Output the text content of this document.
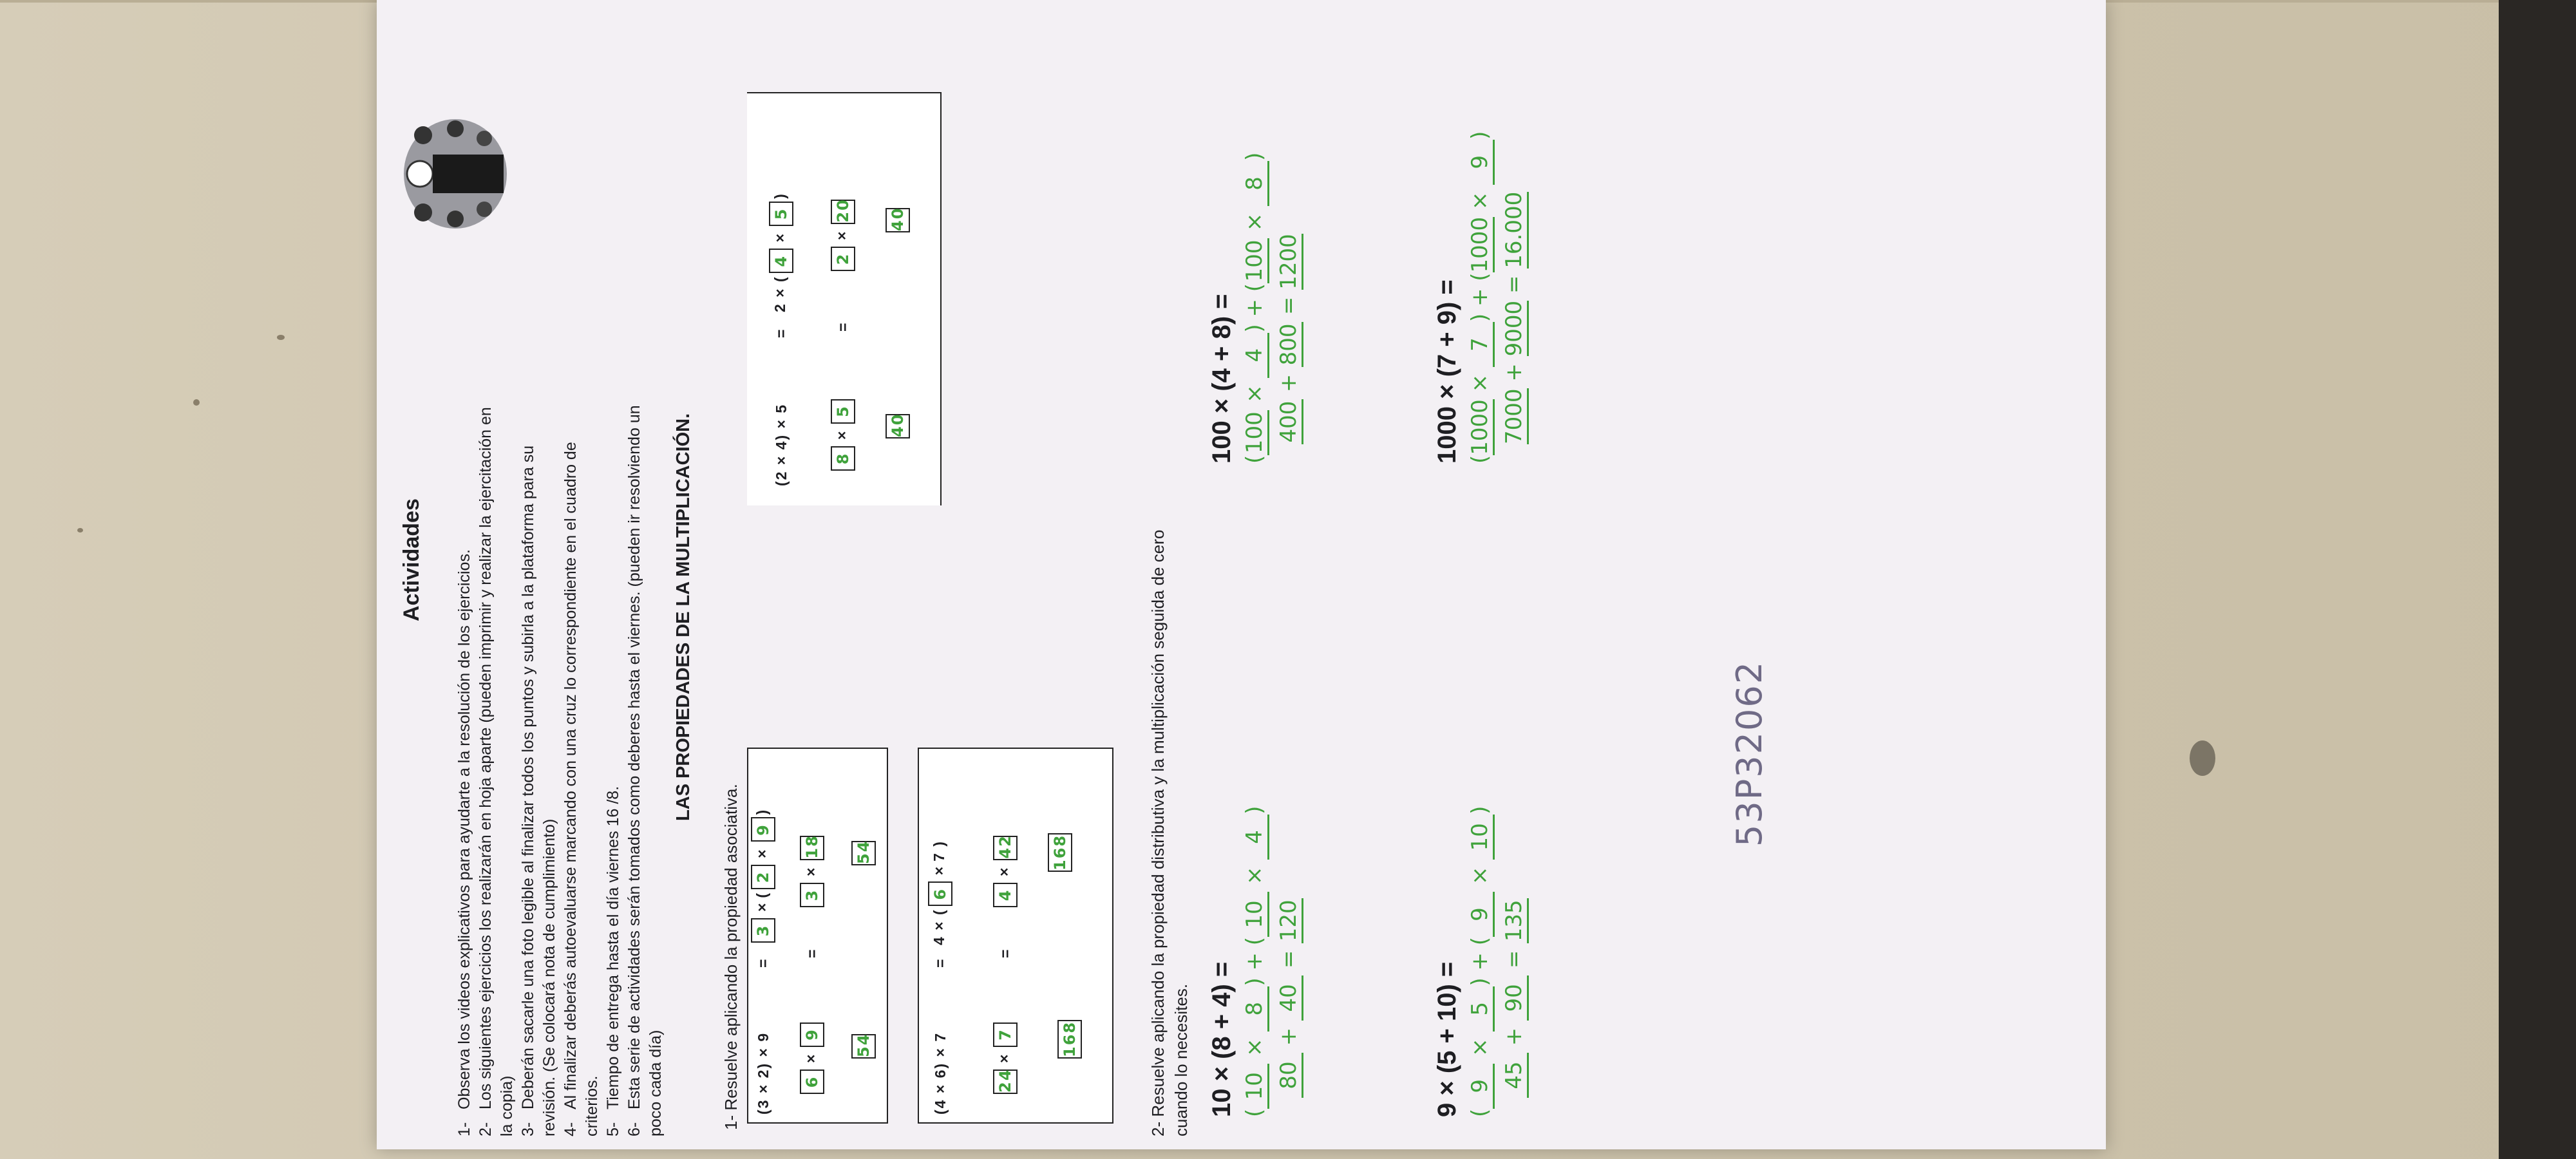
Actividades
1-Observa los videos explicativos para ayudarte a la resolución de los ejercicios.
2-Los siguientes ejercicios los realizarán en hoja aparte (pueden imprimir y realizar la ejercitación en la copia) 3-Deberán sacarle una foto legible al finalizar todos los puntos y subirla a la plataforma para su revisión. (Se colocará nota de cumplimiento) 4-Al finalizar deberás autoevaluarse marcando con una cruz lo correspondiente en el cuadro de criterios. 5-Tiempo de entrega hasta el día viernes 16 /8.
6-Esta serie de actividades serán tomados como deberes hasta el viernes. (pueden ir resolviendo un poco cada día)
LAS PROPIEDADES DE LA MULTIPLICACIÓN.
1- Resuelve aplicando la propiedad asociativa. (3 × 2) × 9
=
3×(2×9)
6×9
=
3×18
54
54
(2 × 4) × 5
=
2 × (4×5)
8×5
=
2×20
40
40
(4 × 6) × 7
=
4 × (6×7 )
24×7
=
4×42
168
168	2- Resuelve aplicando la propiedad distributiva y la multiplicación seguida de cero cuando lo necesites. 10 × (8 + 4) = (10 × 8) + (10 × 4)
80 + 40 = 120
100 × (4 + 8) = (100 × 4) + (100 × 8)
400 + 800 = 1200
9 × (5 + 10) = (9 × 5) + (9 × 10)
45 + 90 = 135
1000 × (7 + 9) = (1000 × 7) + (1000 × 9)
7000 + 9000 = 16.000
53P32062
